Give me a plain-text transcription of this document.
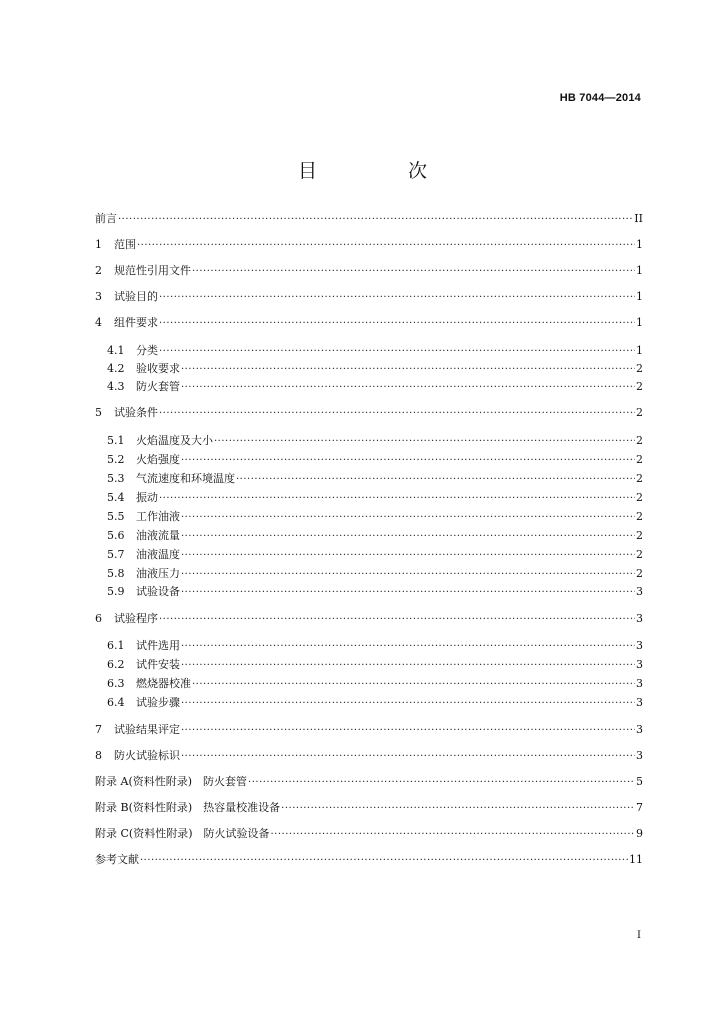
HB 7044—2014
目　次
前言 ·····	II
1	范围 ·····	1
2	规范性引用文件 ·····	1
3	试验目的 ·····	1
4	组件要求 ·····	1
4.1	分类 ·····	1
4.2	验收要求 ·····	2
4.3	防火套管 ·····	2
5	试验条件 ·····	2
5.1	火焰温度及大小 ·····	2
5.2	火焰强度 ·····	2
5.3	气流速度和环境温度 ·····	2
5.4	振动 ·····	2
5.5	工作油液 ·····	2
5.6	油液流量 ·····	2
5.7	油液温度 ·····	2
5.8	油液压力 ·····	2
5.9	试验设备 ·····	3
6	试验程序 ·····	3
6.1	试件选用 ·····	3
6.2	试件安装 ·····	3
6.3	燃烧器校准 ·····	3
6.4	试验步骤 ·····	3
7	试验结果评定 ·····	3
8	防火试验标识 ·····	3
附录 A(资料性附录)　防火套管 ·····	5
附录 B(资料性附录)　热容量校准设备 ·····	7
附录 C(资料性附录)　防火试验设备 ·····	9
参考文献 ·····	11
I
